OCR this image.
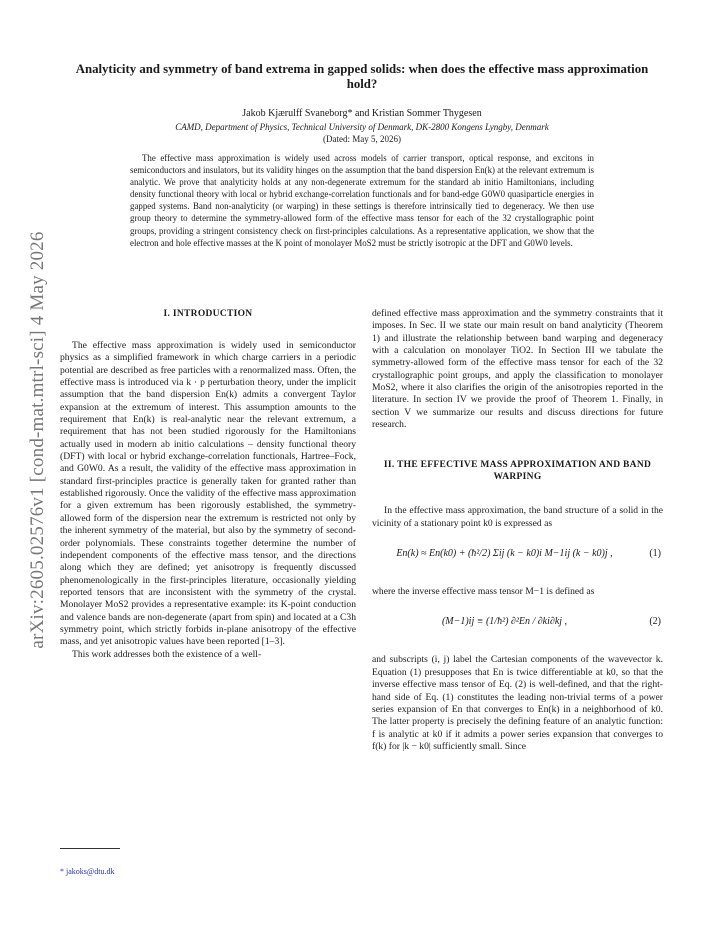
arXiv:2605.02576v1 [cond-mat.mtrl-sci] 4 May 2026
Analyticity and symmetry of band extrema in gapped solids: when does the effective mass approximation hold?
Jakob Kjærulff Svaneborg* and Kristian Sommer Thygesen
CAMD, Department of Physics, Technical University of Denmark, DK-2800 Kongens Lyngby, Denmark
(Dated: May 5, 2026)

The effective mass approximation is widely used across models of carrier transport, optical response, and excitons in semiconductors and insulators, but its validity hinges on the assumption that the band dispersion En(k) at the relevant extremum is analytic. We prove that analyticity holds at any non-degenerate extremum for the standard ab initio Hamiltonians, including density functional theory with local or hybrid exchange-correlation functionals and for band-edge G0W0 quasiparticle energies in gapped systems. Band non-analyticity (or warping) in these settings is therefore intrinsically tied to degeneracy. We then use group theory to determine the symmetry-allowed form of the effective mass tensor for each of the 32 crystallographic point groups, providing a stringent consistency check on first-principles calculations. As a representative application, we show that the electron and hole effective masses at the K point of monolayer MoS2 must be strictly isotropic at the DFT and G0W0 levels.

I. INTRODUCTION

The effective mass approximation is widely used in semiconductor physics as a simplified framework in which charge carriers in a periodic potential are described as free particles with a renormalized mass. Often, the effective mass is introduced via k · p perturbation theory, under the implicit assumption that the band dispersion En(k) admits a convergent Taylor expansion at the extremum of interest. This assumption amounts to the requirement that En(k) is real-analytic near the relevant extremum, a requirement that has not been studied rigorously for the Hamiltonians actually used in modern ab initio calculations – density functional theory (DFT) with local or hybrid exchange-correlation functionals, Hartree–Fock, and G0W0. As a result, the validity of the effective mass approximation in standard first-principles practice is generally taken for granted rather than established rigorously. Once the validity of the effective mass approximation for a given extremum has been rigorously established, the symmetry-allowed form of the dispersion near the extremum is restricted not only by the inherent symmetry of the material, but also by the symmetry of second-order polynomials. These constraints together determine the number of independent components of the effective mass tensor, and the directions along which they are defined; yet anisotropy is frequently discussed phenomenologically in the first-principles literature, occasionally yielding reported tensors that are inconsistent with the symmetry of the crystal. Monolayer MoS2 provides a representative example: its K-point conduction and valence bands are non-degenerate (apart from spin) and located at a C3h symmetry point, which strictly forbids in-plane anisotropy of the effective mass, and yet anisotropic values have been reported [1–3].

This work addresses both the existence of a well-

defined effective mass approximation and the symmetry constraints that it imposes. In Sec. II we state our main result on band analyticity (Theorem 1) and illustrate the relationship between band warping and degeneracy with a calculation on monolayer TiO2. In Section III we tabulate the symmetry-allowed form of the effective mass tensor for each of the 32 crystallographic point groups, and apply the classification to monolayer MoS2, where it also clarifies the origin of the anisotropies reported in the literature. In section IV we provide the proof of Theorem 1. Finally, in section V we summarize our results and discuss directions for future research.

II. THE EFFECTIVE MASS APPROXIMATION AND BAND WARPING

In the effective mass approximation, the band structure of a solid in the vicinity of a stationary point k0 is expressed as

En(k) ≈ En(k0) + (ħ²/2) Σij (k − k0)i M−1ij (k − k0)j ,	(1)

where the inverse effective mass tensor M−1 is defined as

(M−1)ij ≡ (1/ħ²) ∂²En / ∂ki∂kj ,	(2)

and subscripts (i, j) label the Cartesian components of the wavevector k. Equation (1) presupposes that En is twice differentiable at k0, so that the inverse effective mass tensor of Eq. (2) is well-defined, and that the right-hand side of Eq. (1) constitutes the leading non-trivial terms of a power series expansion of En that converges to En(k) in a neighborhood of k0. The latter property is precisely the defining feature of an analytic function: f is analytic at k0 if it admits a power series expansion that converges to f(k) for |k − k0| sufficiently small. Since

* jakoks@dtu.dk
